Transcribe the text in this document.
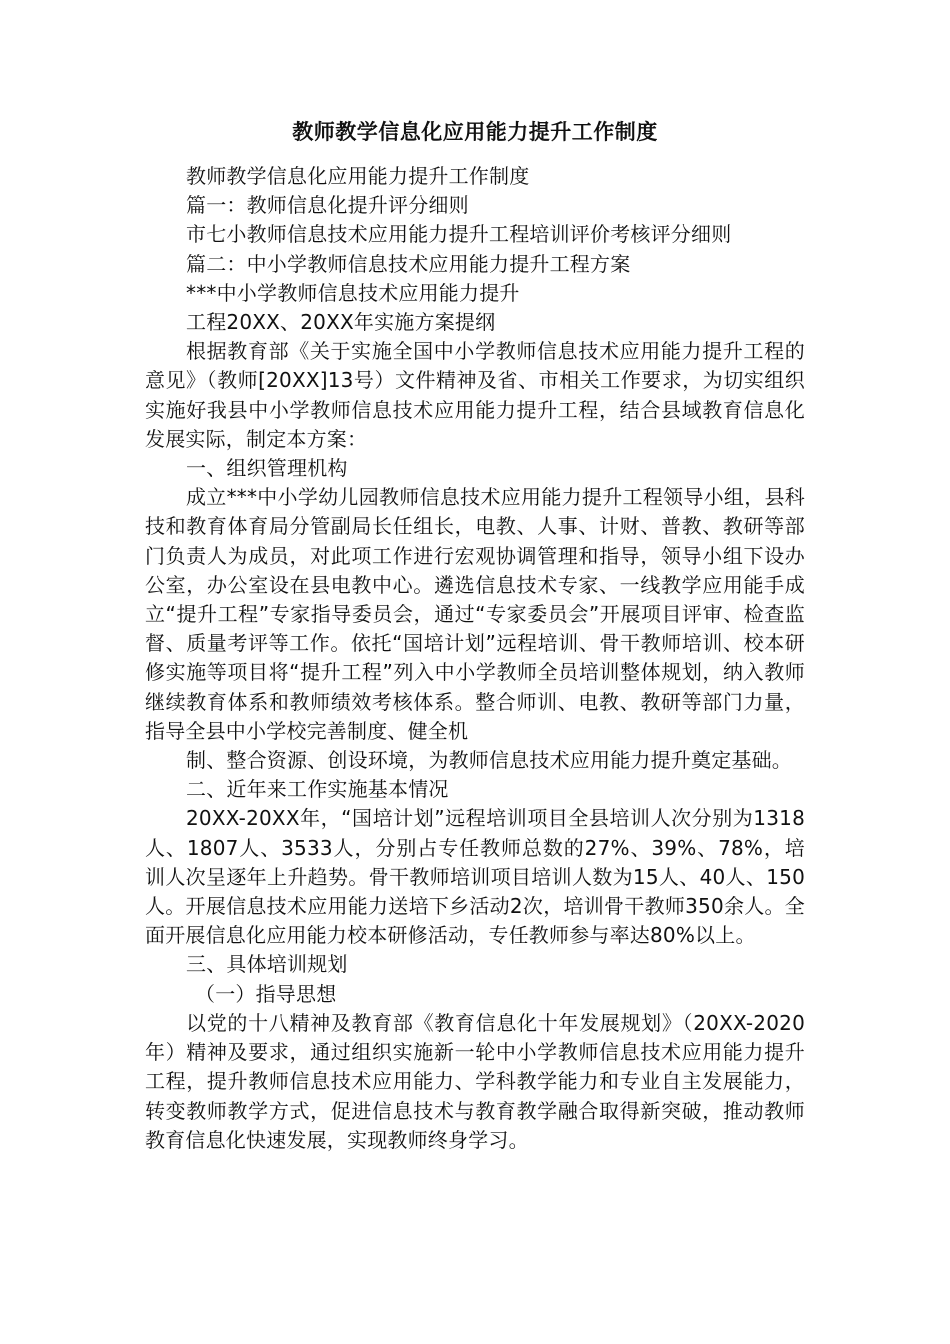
教师教学信息化应用能力提升工作制度

教师教学信息化应用能力提升工作制度

篇一：教师信息化提升评分细则

市七小教师信息技术应用能力提升工程培训评价考核评分细则

篇二：中小学教师信息技术应用能力提升工程方案

***中小学教师信息技术应用能力提升

工程20XX、20XX年实施方案提纲

根据教育部《关于实施全国中小学教师信息技术应用能力提升工程的意见》（教师[20XX]13号）文件精神及省、市相关工作要求，为切实组织实施好我县中小学教师信息技术应用能力提升工程，结合县域教育信息化发展实际，制定本方案：

一、组织管理机构

成立***中小学幼儿园教师信息技术应用能力提升工程领导小组，县科技和教育体育局分管副局长任组长，电教、人事、计财、普教、教研等部门负责人为成员，对此项工作进行宏观协调管理和指导，领导小组下设办公室，办公室设在县电教中心。遴选信息技术专家、一线教学应用能手成立“提升工程”专家指导委员会，通过“专家委员会”开展项目评审、检查监督、质量考评等工作。依托“国培计划”远程培训、骨干教师培训、校本研修实施等项目将“提升工程”列入中小学教师全员培训整体规划，纳入教师继续教育体系和教师绩效考核体系。整合师训、电教、教研等部门力量，指导全县中小学校完善制度、健全机

制、整合资源、创设环境，为教师信息技术应用能力提升奠定基础。

二、近年来工作实施基本情况

20XX-20XX年，“国培计划”远程培训项目全县培训人次分别为1318人、1807人、3533人，分别占专任教师总数的27%、39%、78%，培训人次呈逐年上升趋势。骨干教师培训项目培训人数为15人、40人、150人。开展信息技术应用能力送培下乡活动2次，培训骨干教师350余人。全面开展信息化应用能力校本研修活动，专任教师参与率达80%以上。

三、具体培训规划

（一）指导思想

以党的十八精神及教育部《教育信息化十年发展规划》（20XX-2020年）精神及要求，通过组织实施新一轮中小学教师信息技术应用能力提升工程，提升教师信息技术应用能力、学科教学能力和专业自主发展能力，转变教师教学方式，促进信息技术与教育教学融合取得新突破，推动教师教育信息化快速发展，实现教师终身学习。
